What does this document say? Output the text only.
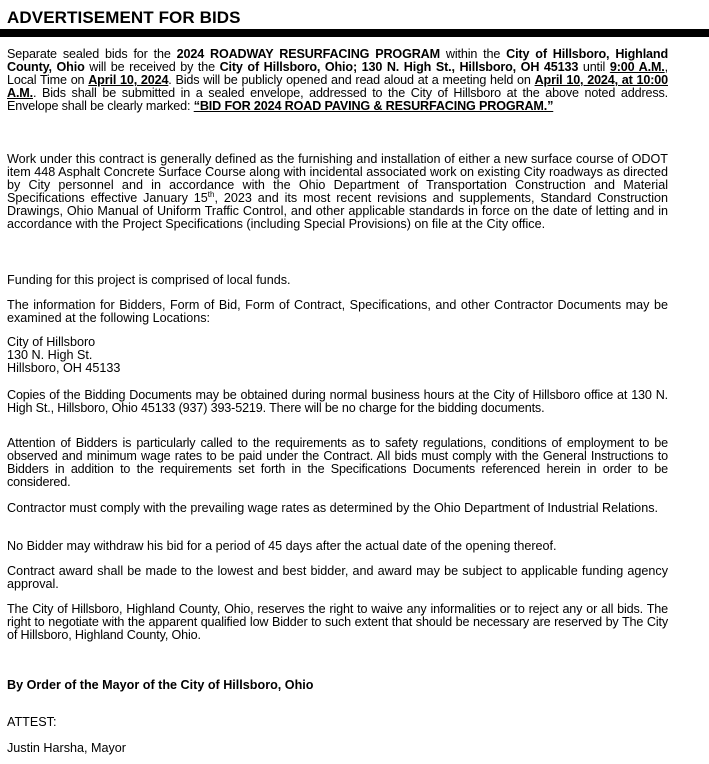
ADVERTISEMENT FOR BIDS

Separate sealed bids for the 2024 ROADWAY RESURFACING PROGRAM within the City of Hillsboro, Highland County, Ohio will be received by the City of Hillsboro, Ohio; 130 N. High St., Hillsboro, OH 45133 until 9:00 A.M., Local Time on April 10, 2024. Bids will be publicly opened and read aloud at a meeting held on April 10, 2024, at 10:00 A.M.. Bids shall be submitted in a sealed envelope, addressed to the City of Hillsboro at the above noted address. Envelope shall be clearly marked: “BID FOR 2024 ROAD PAVING & RESURFACING PROGRAM.”

Work under this contract is generally defined as the furnishing and installation of either a new surface course of ODOT item 448 Asphalt Concrete Surface Course along with incidental associated work on existing City roadways as directed by City personnel and in accordance with the Ohio Department of Transportation Construction and Material Specifications effective January 15th, 2023 and its most recent revisions and supplements, Standard Construction Drawings, Ohio Manual of Uniform Traffic Control, and other applicable standards in force on the date of letting and in accordance with the Project Specifications (including Special Provisions) on file at the City office.

Funding for this project is comprised of local funds.

The information for Bidders, Form of Bid, Form of Contract, Specifications, and other Contractor Documents may be examined at the following Locations:

City of Hillsboro
130 N. High St.
Hillsboro, OH 45133

Copies of the Bidding Documents may be obtained during normal business hours at the City of Hillsboro office at 130 N. High St., Hillsboro, Ohio 45133 (937) 393-5219. There will be no charge for the bidding documents.

Attention of Bidders is particularly called to the requirements as to safety regulations, conditions of employment to be observed and minimum wage rates to be paid under the Contract. All bids must comply with the General Instructions to Bidders in addition to the requirements set forth in the Specifications Documents referenced herein in order to be considered.

Contractor must comply with the prevailing wage rates as determined by the Ohio Department of Industrial Relations.

No Bidder may withdraw his bid for a period of 45 days after the actual date of the opening thereof.

Contract award shall be made to the lowest and best bidder, and award may be subject to applicable funding agency approval.

The City of Hillsboro, Highland County, Ohio, reserves the right to waive any informalities or to reject any or all bids. The right to negotiate with the apparent qualified low Bidder to such extent that should be necessary are reserved by The City of Hillsboro, Highland County, Ohio.

By Order of the Mayor of the City of Hillsboro, Ohio

ATTEST:

Justin Harsha, Mayor
